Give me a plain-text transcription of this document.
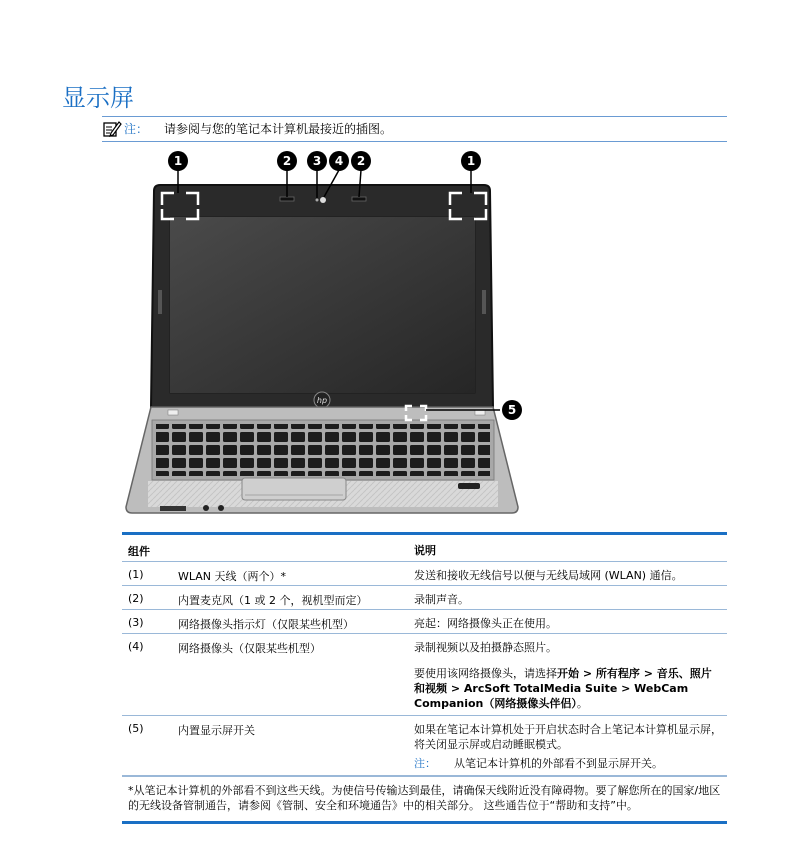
显示屏
注： 请参阅与您的笔记本计算机最接近的插图。
hp
1	2 3 4 2	1
5
组件	说明
(1)	WLAN 天线（两个）*	发送和接收无线信号以便与无线局域网 (WLAN) 通信。
(2)	内置麦克风（1 或 2 个，视机型而定）	录制声音。
(3)	网络摄像头指示灯（仅限某些机型）	亮起：网络摄像头正在使用。
(4)	网络摄像头（仅限某些机型）	录制视频以及拍摄静态照片。
要使用该网络摄像头，请选择开始 > 所有程序 > 音乐、照片和视频 > ArcSoft TotalMedia Suite > WebCam Companion（网络摄像头伴侣）。
(5)	内置显示屏开关	如果在笔记本计算机处于开启状态时合上笔记本计算机显示屏，将关闭显示屏或启动睡眠模式。
注： 从笔记本计算机的外部看不到显示屏开关。
*从笔记本计算机的外部看不到这些天线。为使信号传输达到最佳，请确保天线附近没有障碍物。要了解您所在的国家/地区的无线设备管制通告，请参阅《管制、安全和环境通告》中的相关部分。 这些通告位于“帮助和支持”中。
